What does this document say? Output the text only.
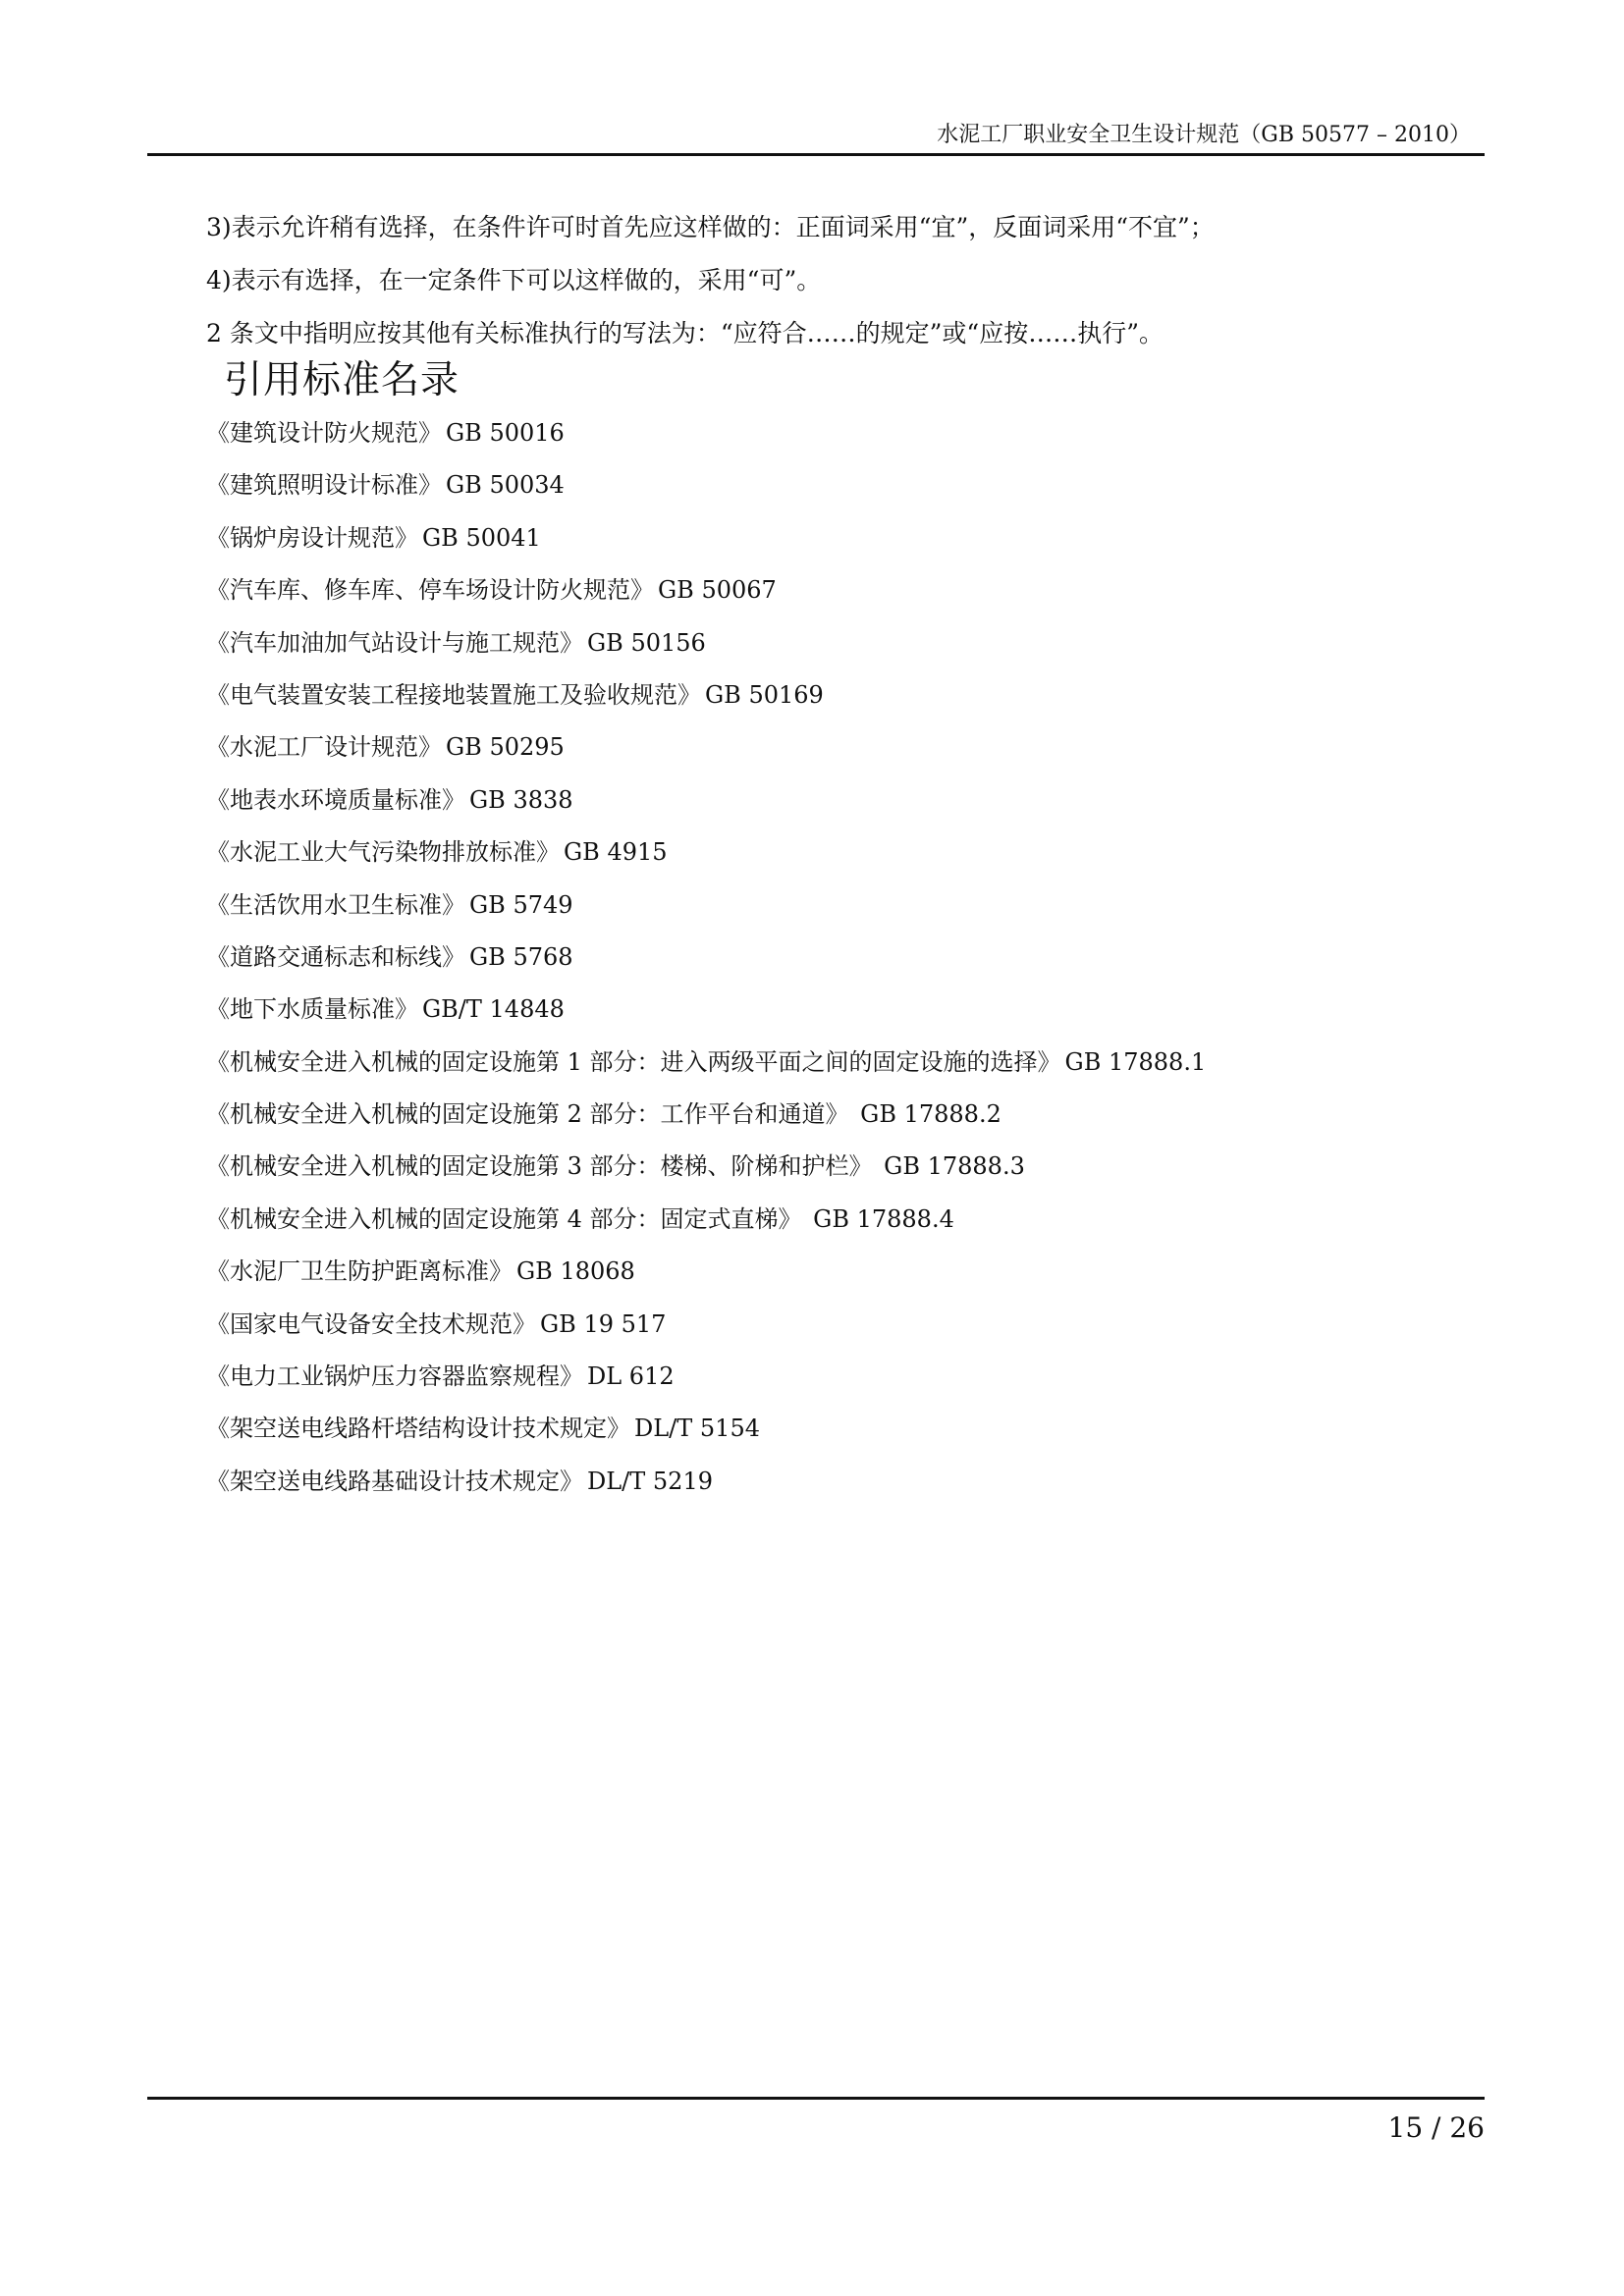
水泥工厂职业安全卫生设计规范（GB 50577 – 2010）
3)表示允许稍有选择，在条件许可时首先应这样做的：正面词采用“宜”，反面词采用“不宜”；
4)表示有选择，在一定条件下可以这样做的，采用“可”。
2 条文中指明应按其他有关标准执行的写法为：“应符合……的规定”或“应按……执行”。
引用标准名录
《建筑设计防火规范》 GB 50016
《建筑照明设计标准》 GB 50034
《锅炉房设计规范》 GB 50041
《汽车库、修车库、停车场设计防火规范》 GB 50067
《汽车加油加气站设计与施工规范》 GB 50156
《电气装置安装工程接地装置施工及验收规范》 GB 50169
《水泥工厂设计规范》 GB 50295
《地表水环境质量标准》 GB 3838
《水泥工业大气污染物排放标准》 GB 4915
《生活饮用水卫生标准》 GB 5749
《道路交通标志和标线》 GB 5768
《地下水质量标准》 GB/T 14848
《机械安全进入机械的固定设施第 1 部分：进入两级平面之间的固定设施的选择》 GB 17888.1
《机械安全进入机械的固定设施第 2 部分：工作平台和通道》 GB 17888.2
《机械安全进入机械的固定设施第 3 部分：楼梯、阶梯和护栏》 GB 17888.3
《机械安全进入机械的固定设施第 4 部分：固定式直梯》 GB 17888.4
《水泥厂卫生防护距离标准》 GB 18068
《国家电气设备安全技术规范》 GB 19 517
《电力工业锅炉压力容器监察规程》 DL 612
《架空送电线路杆塔结构设计技术规定》 DL/T 5154
《架空送电线路基础设计技术规定》 DL/T 5219
15 / 26
